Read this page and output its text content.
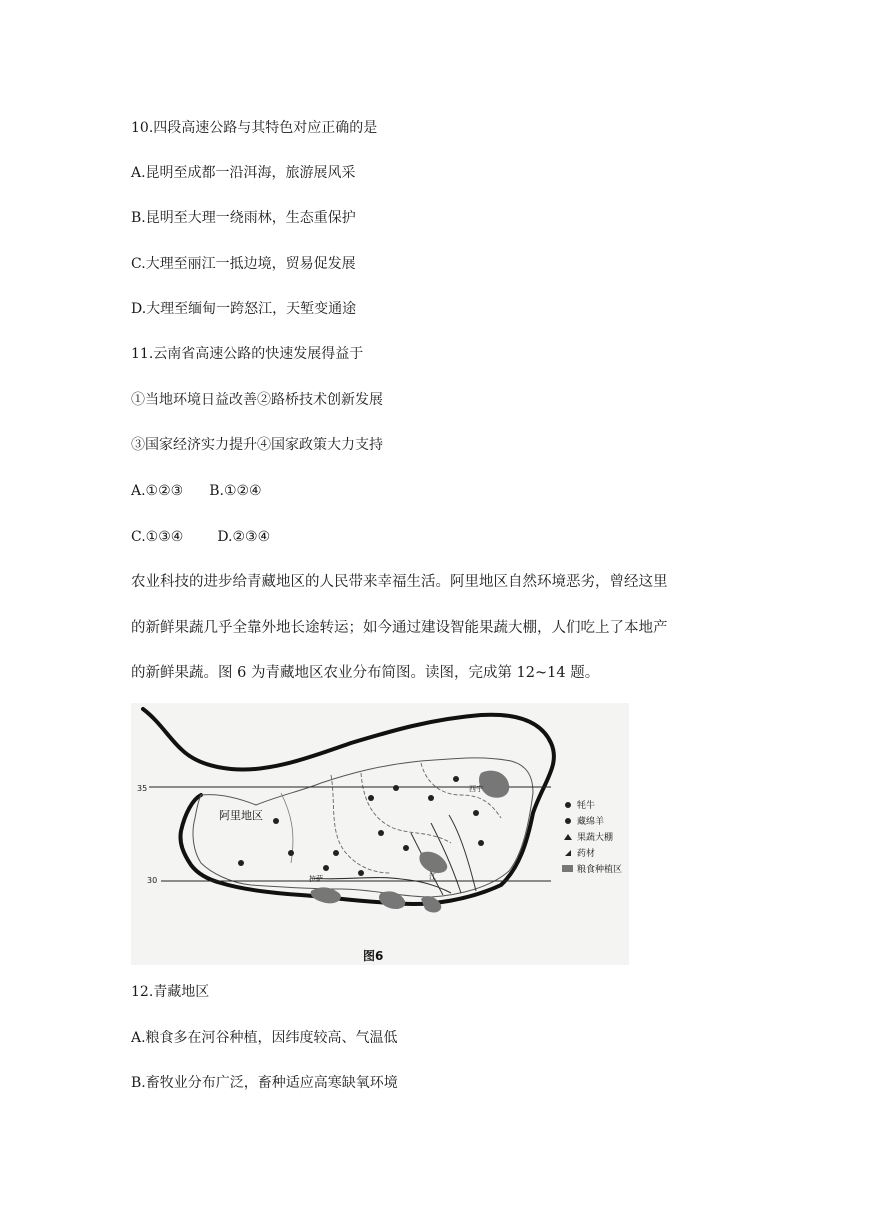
10.四段高速公路与其特色对应正确的是
A.昆明至成都一沿洱海，旅游展风采
B.昆明至大理一绕雨林，生态重保护
C.大理至丽江一抵边境，贸易促发展
D.大理至缅甸一跨怒江，天堑变通途
11.云南省高速公路的快速发展得益于
①当地环境日益改善②路桥技术创新发展
③国家经济实力提升④国家政策大力支持
A.①②③ B.①②④
C.①③④ D.②③④
农业科技的进步给青藏地区的人民带来幸福生活。阿里地区自然环境恶劣，曾经这里
的新鲜果蔬几乎全靠外地长途转运；如今通过建设智能果蔬大棚，人们吃上了本地产
的新鲜果蔬。图 6 为青藏地区农业分布简图。读图，完成第 12~14 题。
35
30
阿里地区
西宁
拉萨	江
牦牛
藏绵羊
果蔬大棚
药材
粮食种植区
图6
12.青藏地区
A.粮食多在河谷种植，因纬度较高、气温低
B.畜牧业分布广泛，畜种适应高寒缺氧环境
